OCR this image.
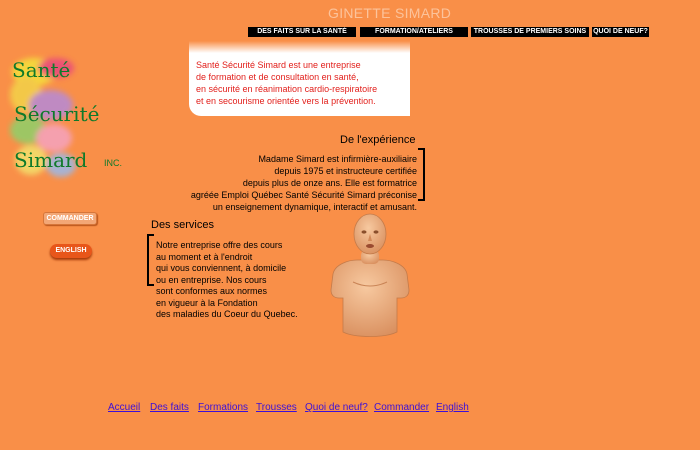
GINETTE SIMARD
DES FAITS SUR LA SANTÉ	FORMATION/ATELIERS	TROUSSES DE PREMIERS SOINS QUOI DE NEUF?
Santé
Sécurité
Simard INC.
COMMANDER
ENGLISH
Santé Sécurité Simard est une entreprise
de formation et de consultation en santé,
en sécurité en réanimation cardio-respiratoire
et en secourisme orientée vers la prévention.
De l'expérience
Madame Simard est infirmière-auxiliaire
depuis 1975 et instructeure certifiée
depuis plus de onze ans. Elle est formatrice
agréée Emploi Québec Santé Sécurité Simard préconise
un enseignement dynamique, interactif et amusant.
Des services
Notre entreprise offre des cours
au moment et à l'endroit
qui vous conviennent, à domicile
ou en entreprise. Nos cours
sont conformes aux normes
en vigueur à la Fondation
des maladies du Coeur du Quebec.
Accueil Des faits Formations Trousses Quoi de neuf? Commander English
